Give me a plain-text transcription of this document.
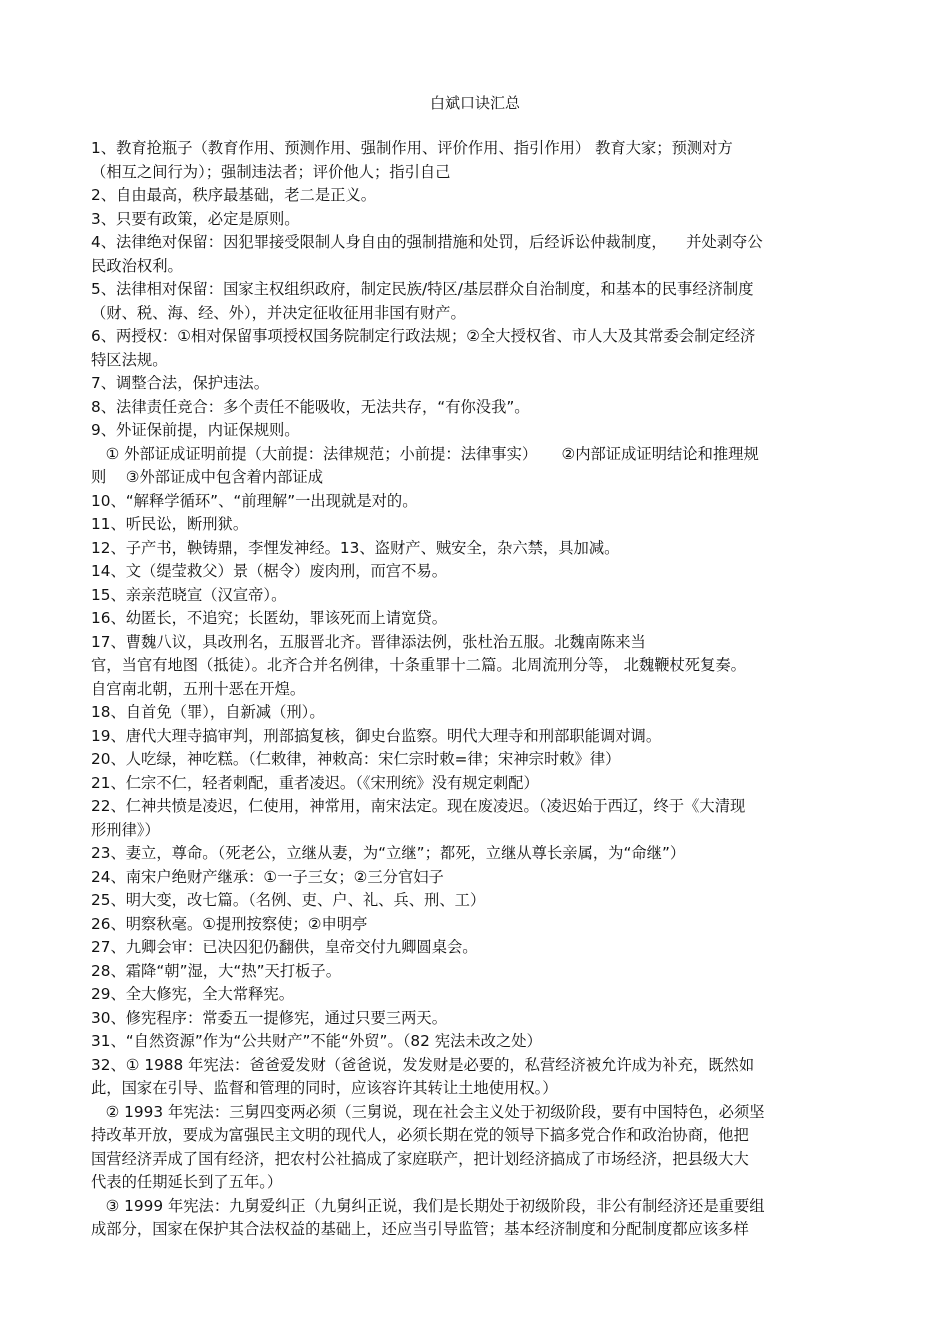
白斌口诀汇总
1、教育抢瓶子（教育作用、预测作用、强制作用、评价作用、指引作用） 教育大家；预测对方
（相互之间行为）；强制违法者；评价他人；指引自己
2、自由最高，秩序最基础，老二是正义。
3、只要有政策，必定是原则。
4、法律绝对保留：因犯罪接受限制人身自由的强制措施和处罚，后经诉讼仲裁制度，    并处剥夺公
民政治权利。
5、法律相对保留：国家主权组织政府，制定民族/特区/基层群众自治制度，和基本的民事经济制度
（财、税、海、经、外），并决定征收征用非国有财产。
6、两授权：①相对保留事项授权国务院制定行政法规；②全大授权省、市人大及其常委会制定经济
特区法规。
7、调整合法，保护违法。
8、法律责任竞合：多个责任不能吸收，无法共存，“有你没我”。
9、外证保前提，内证保规则。
① 外部证成证明前提（大前提：法律规范；小前提：法律事实）     ②内部证成证明结论和推理规
则    ③外部证成中包含着内部证成
10、“解释学循环”、“前理解”一出现就是对的。
11、听民讼，断刑狱。
12、子产书，鞅铸鼎，李悝发神经。13、盗财产、贼安全，杂六禁，具加减。
14、文（缇莹救父）景（椐令）废肉刑，而宫不易。
15、亲亲范晓宣（汉宣帝）。
16、幼匿长，不追究；长匿幼，罪该死而上请宽贷。
17、曹魏八议，具改刑名，五服晋北齐。晋律添法例，张杜治五服。北魏南陈来当
官，当官有地图（抵徒）。北齐合并名例律，十条重罪十二篇。北周流刑分等， 北魏鞭杖死复奏。
自宫南北朝，五刑十恶在开煌。
18、自首免（罪），自新减（刑）。
19、唐代大理寺搞审判，刑部搞复核，御史台监察。明代大理寺和刑部职能调对调。
20、人吃绿，神吃糕。（仁敕律，神敕高：宋仁宗时敕=律；宋神宗时敕》律）
21、仁宗不仁，轻者刺配，重者凌迟。（《宋刑统》没有规定刺配）
22、仁神共愤是凌迟，仁使用，神常用，南宋法定。现在废凌迟。（凌迟始于西辽，终于《大清现
形刑律》）
23、妻立，尊命。（死老公，立继从妻，为“立继”；都死，立继从尊长亲属，为“命继”）
24、南宋户绝财产继承：①一子三女；②三分官妇子
25、明大变，改七篇。（名例、吏、户、礼、兵、刑、工）
26、明察秋毫。①提刑按察使；②申明亭
27、九卿会审：已决囚犯仍翻供，皇帝交付九卿圆桌会。
28、霜降“朝”湿，大“热”天打板子。
29、全大修宪，全大常释宪。
30、修宪程序：常委五一提修宪，通过只要三两天。
31、“自然资源”作为“公共财产”不能“外贸”。（82 宪法未改之处）
32、① 1988 年宪法：爸爸爱发财（爸爸说，发发财是必要的，私营经济被允许成为补充，既然如
此，国家在引导、监督和管理的同时，应该容许其转让土地使用权。）
② 1993 年宪法：三舅四变两必须（三舅说，现在社会主义处于初级阶段，要有中国特色，必须坚
持改革开放，要成为富强民主文明的现代人，必须长期在党的领导下搞多党合作和政治协商，他把
国营经济弄成了国有经济，把农村公社搞成了家庭联产，把计划经济搞成了市场经济，把县级大大
代表的任期延长到了五年。）
③ 1999 年宪法：九舅爱纠正（九舅纠正说，我们是长期处于初级阶段，非公有制经济还是重要组
成部分，国家在保护其合法权益的基础上，还应当引导监管；基本经济制度和分配制度都应该多样
